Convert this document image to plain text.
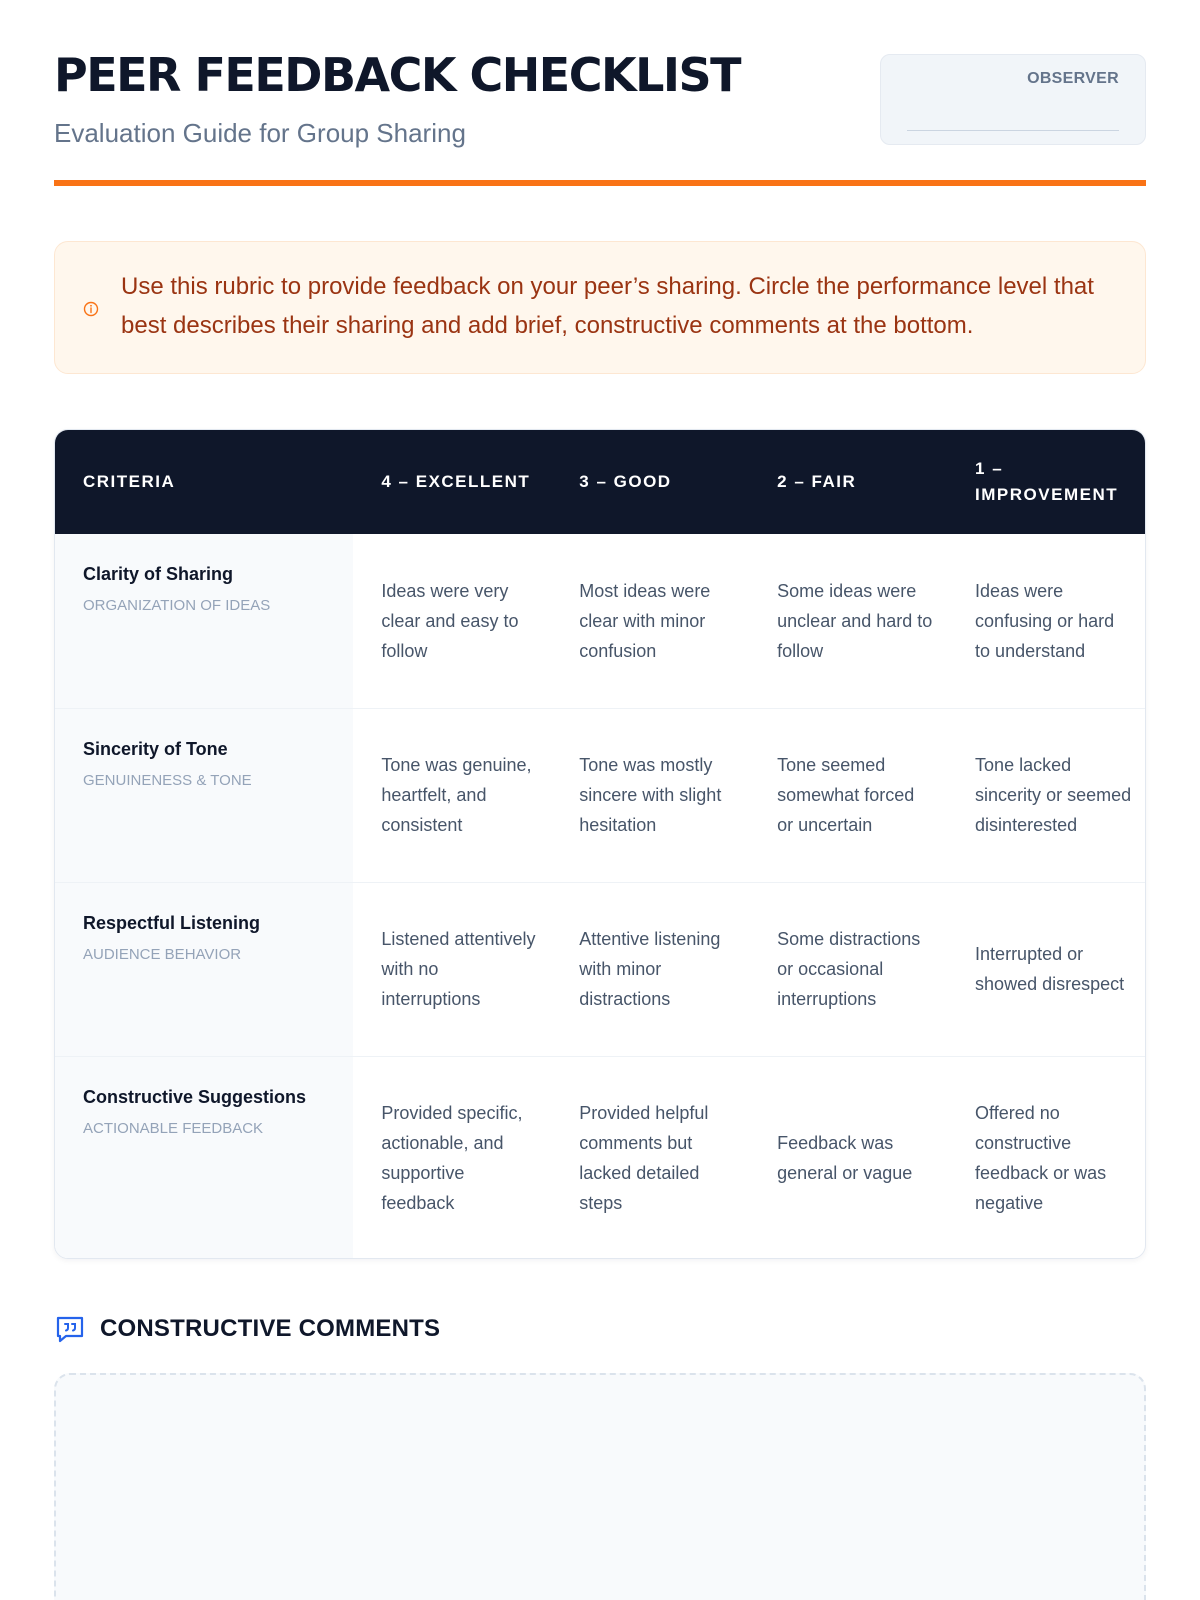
PEER FEEDBACK CHECKLIST
Evaluation Guide for Group Sharing
OBSERVER
Use this rubric to provide feedback on your peer’s sharing. Circle the performance level that best describes their sharing and add brief, constructive comments at the bottom.
CRITERIA	4 – EXCELLENT	3 – GOOD	2 – FAIR	1 – IMPROVEMENT

Clarity of Sharing
ORGANIZATION OF IDEAS	Ideas were very clear and easy to follow	Most ideas were clear with minor confusion	Some ideas were unclear and hard to follow	Ideas were confusing or hard to understand

Sincerity of Tone
GENUINENESS & TONE	Tone was genuine, heartfelt, and consistent	Tone was mostly sincere with slight hesitation	Tone seemed somewhat forced or uncertain	Tone lacked sincerity or seemed disinterested

Respectful Listening
AUDIENCE BEHAVIOR	Listened attentively with no interruptions	Attentive listening with minor distractions	Some distractions or occasional interruptions	Interrupted or showed disrespect

Constructive Suggestions
ACTIONABLE FEEDBACK	Provided specific, actionable, and supportive feedback	Provided helpful comments but lacked detailed steps	Feedback was general or vague	Offered no constructive feedback or was negative
CONSTRUCTIVE COMMENTS
